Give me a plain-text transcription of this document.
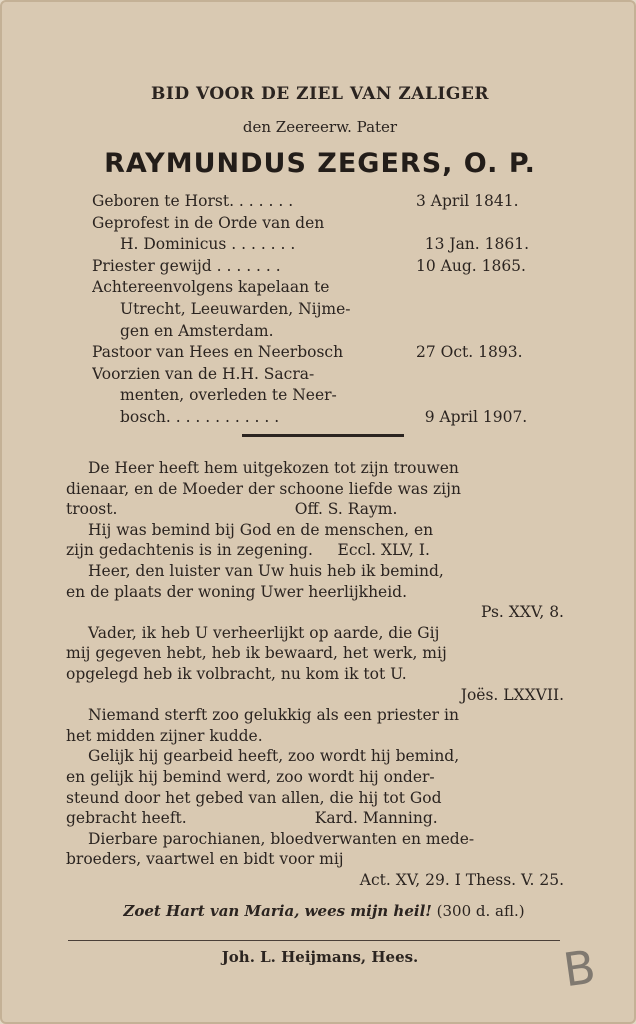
BID VOOR DE ZIEL VAN ZALIGER
den Zeereerw. Pater
RAYMUNDUS ZEGERS, O. P.
Geboren te Horst. . . . . . .	3 April 1841.
Geprofest in de Orde van den
H. Dominicus . . . . . . .	13 Jan. 1861.
Priester gewijd . . . . . . .	10 Aug. 1865.
Achtereenvolgens kapelaan te
Utrecht, Leeuwarden, Nijme-
gen en Amsterdam.
Pastoor van Hees en Neerbosch	27 Oct. 1893.
Voorzien van de H.H. Sacra-
menten, overleden te Neer-
bosch. . . . . . . . . . . .	9 April 1907.
De Heer heeft hem uitgekozen tot zijn trouwen
dienaar, en de Moeder der schoone liefde was zijn
troost.                                    Off. S. Raym.
Hij was bemind bij God en de menschen, en
zijn gedachtenis is in zegening.     Eccl. XLV, I.
Heer, den luister van Uw huis heb ik bemind,
en de plaats der woning Uwer heerlijkheid.
Ps. XXV, 8.
Vader, ik heb U verheerlijkt op aarde, die Gij
mij gegeven hebt, heb ik bewaard, het werk, mij
opgelegd heb ik volbracht, nu kom ik tot U.
Joës. LXXVII.
Niemand sterft zoo gelukkig als een priester in
het midden zijner kudde.
Gelijk hij gearbeid heeft, zoo wordt hij bemind,
en gelijk hij bemind werd, zoo wordt hij onder-
steund door het gebed van allen, die hij tot God
gebracht heeft.                          Kard. Manning.
Dierbare parochianen, bloedverwanten en mede-
broeders, vaartwel en bidt voor mij
Act. XV, 29. I Thess. V. 25.
Zoet Hart van Maria, wees mijn heil! (300 d. afl.)
Joh. L. Heijmans, Hees.	B
